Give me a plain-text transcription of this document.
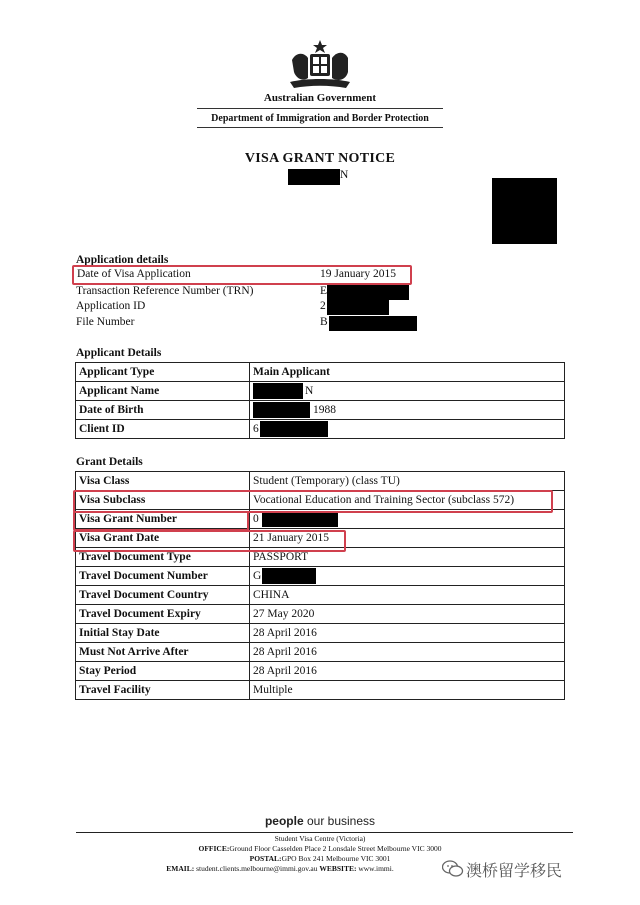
Australian Government
Department of Immigration and Border Protection
VISA GRANT NOTICE
N
Application details
Date of Visa Application	19 January 2015
Transaction Reference Number (TRN)	E
Application ID	2
File Number	B
Applicant Details
Applicant Type	Main Applicant
Applicant Name	N
Date of Birth	1988
Client ID	6
Grant Details
Visa Class	Student (Temporary) (class TU)
Visa Subclass	Vocational Education and Training Sector (subclass 572)
Visa Grant Number	0

Visa Grant Date	21 January 2015
Travel Document Type	PASSPORT
Travel Document Number	G

Travel Document Country	CHINA
Travel Document Expiry	27 May 2020
Initial Stay Date	28 April 2016
Must Not Arrive After	28 April 2016
Stay Period	28 April 2016
Travel Facility	Multiple
people our business
Student Visa Centre (Victoria)
OFFICE:Ground Floor Casselden Place 2 Lonsdale Street Melbourne VIC 3000
POSTAL:GPO Box 241 Melbourne VIC 3001
EMAIL: student.clients.melbourne@immi.gov.au WEBSITE: www.immi.	澳桥留学移民
